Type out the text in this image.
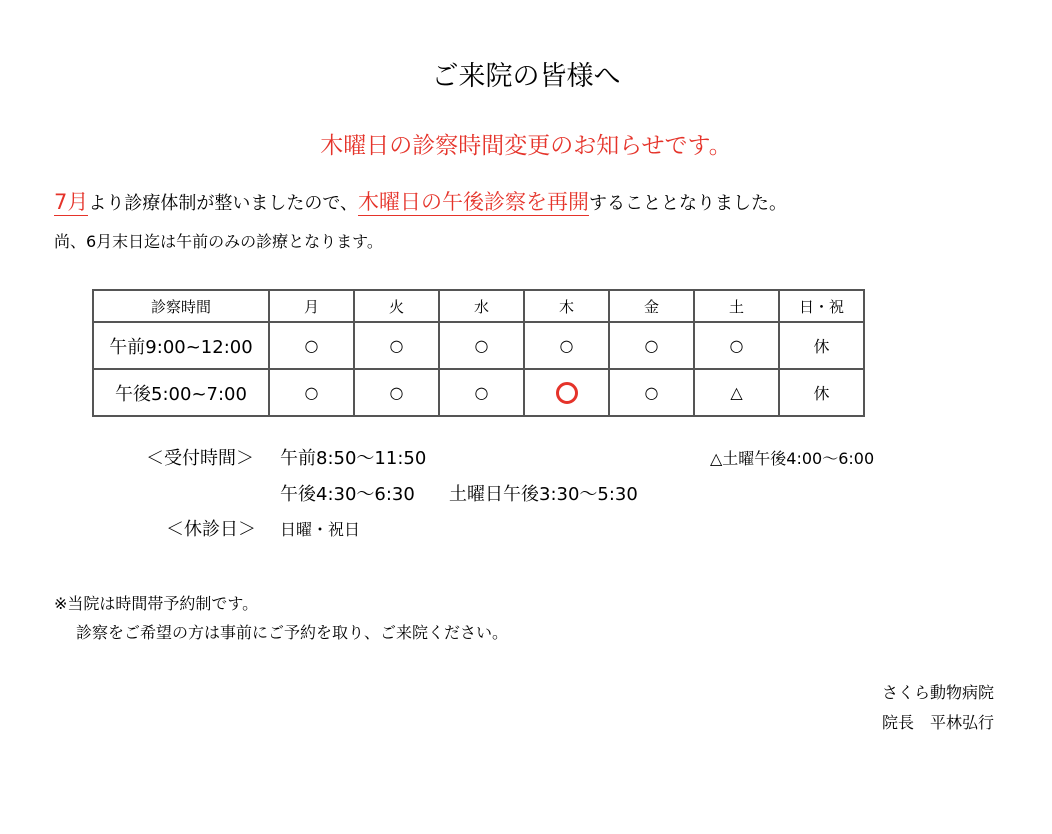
ご来院の皆様へ
木曜日の診察時間変更のお知らせです。
7月より診療体制が整いましたので、木曜日の午後診察を再開することとなりました。
尚、6月末日迄は午前のみの診療となります。
診察時間	月	火	水	木	金	土	日・祝
午前9:00~12:00	○	○	○	○	○	○	休
午後5:00~7:00	○	○	○		○	△	休
＜受付時間＞ 午前8:50〜11:50	△土曜午後4:00〜6:00
午後4:30〜6:30 土曜日午後3:30〜5:30
＜休診日＞ 日曜・祝日
※当院は時間帯予約制です。
診察をご希望の方は事前にご予約を取り、ご来院ください。
さくら動物病院
院長　平林弘行
